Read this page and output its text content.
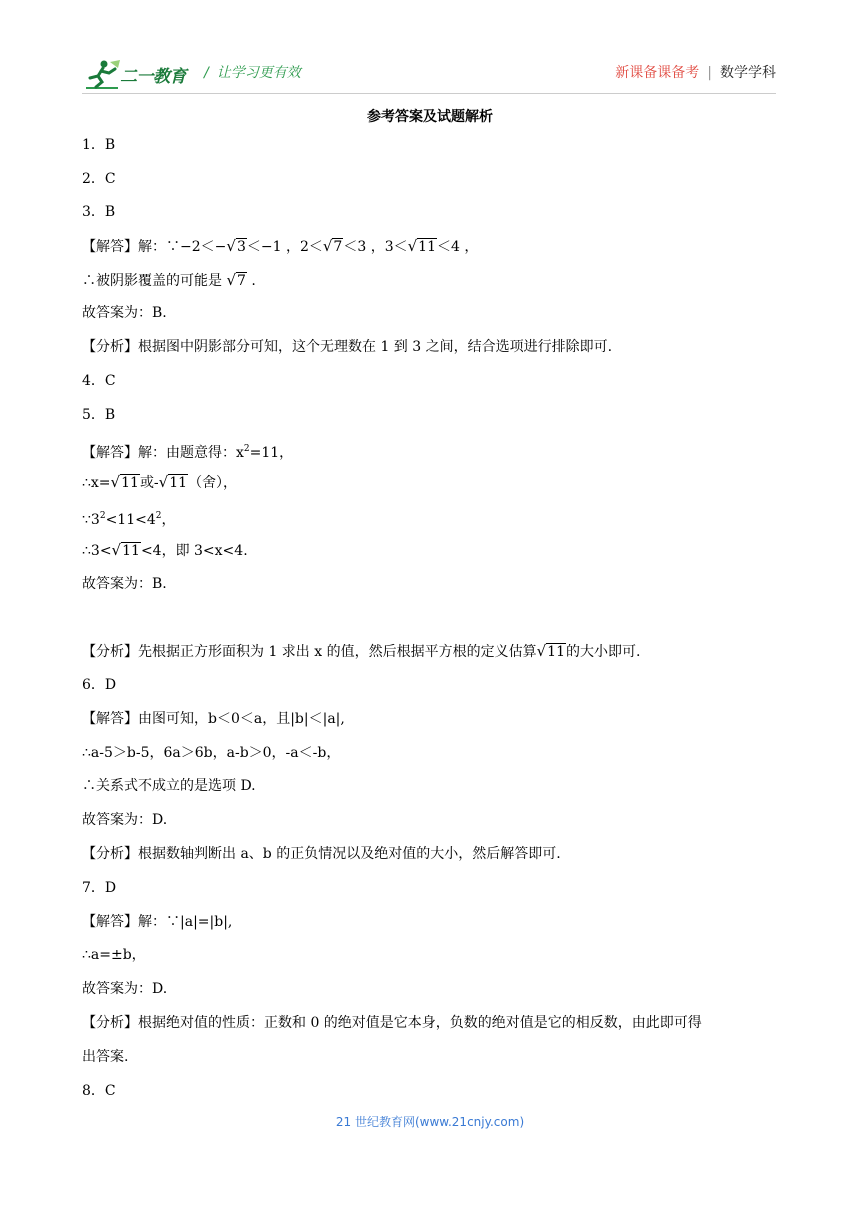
二一教育 / 让学习更有效	新课备课备考 | 数学学科
参考答案及试题解析
1．B
2．C
3．B
【解答】解：∵−2＜−√3＜−1 ，2＜√7＜3 ，3＜√11＜4 ，
∴被阴影覆盖的可能是 √7 .
故答案为：B.
【分析】根据图中阴影部分可知，这个无理数在 1 到 3 之间，结合选项进行排除即可.
4．C
5．B
【解答】解：由题意得：$x^2=11$，
∴x=√11或-√11（舍），
$\because 3^2<11<4^2$，
∴3<√11<4，即 3<x<4.
故答案为：B.
【分析】先根据正方形面积为 1 求出 x 的值，然后根据平方根的定义估算√11的大小即可.
6．D
【解答】由图可知，b＜0＜a，且|b|＜|a|,
∴a-5＞b-5，6a＞6b，a-b＞0，-a＜-b，
∴关系式不成立的是选项 D.
故答案为：D.
【分析】根据数轴判断出 a、b 的正负情况以及绝对值的大小，然后解答即可.
7．D
【解答】解：∵|a|=|b|,
∴a=±b，
故答案为：D.
【分析】根据绝对值的性质：正数和 0 的绝对值是它本身，负数的绝对值是它的相反数，由此即可得
出答案.
8．C
21 世纪教育网(www.21cnjy.com)
